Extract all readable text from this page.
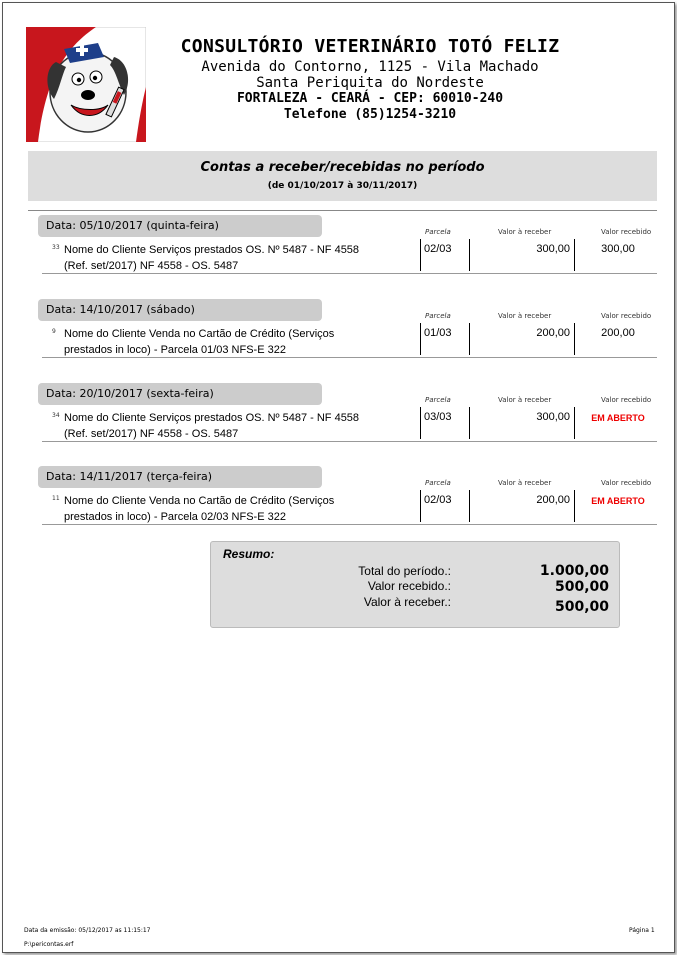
CONSULTÓRIO VETERINÁRIO TOTÓ FELIZ
Avenida do Contorno, 1125 - Vila Machado
Santa Periquita do Nordeste
FORTALEZA - CEARÁ - CEP: 60010-240
Telefone (85)1254-3210
Contas a receber/recebidas no período
(de 01/10/2017 à 30/11/2017)
Data: 05/10/2017 (quinta-feira)	Parcela	Valor à receber	Valor recebido
33 Nome do Cliente Serviços prestados OS. Nº 5487 - NF 4558 (Ref. set/2017) NF 4558 - OS. 5487
02/03	300,00	300,00
Data: 14/10/2017 (sábado)	Parcela	Valor à receber	Valor recebido
9 Nome do Cliente Venda no Cartão de Crédito (Serviços prestados in loco) - Parcela 01/03 NFS-E 322
01/03	200,00	200,00
Data: 20/10/2017 (sexta-feira)	Parcela	Valor à receber	Valor recebido
34 Nome do Cliente Serviços prestados OS. Nº 5487 - NF 4558 (Ref. set/2017) NF 4558 - OS. 5487
03/03	300,00	EM ABERTO
Data: 14/11/2017 (terça-feira)	Parcela	Valor à receber	Valor recebido
11 Nome do Cliente Venda no Cartão de Crédito (Serviços prestados in loco) - Parcela 02/03 NFS-E 322
02/03	200,00	EM ABERTO
Resumo:
Total do período.:	1.000,00
Valor recebido.:	500,00
Valor à receber.:	500,00
Data da emissão: 05/12/2017 as 11:15:17
P:\pericontas.erf
Página 1
